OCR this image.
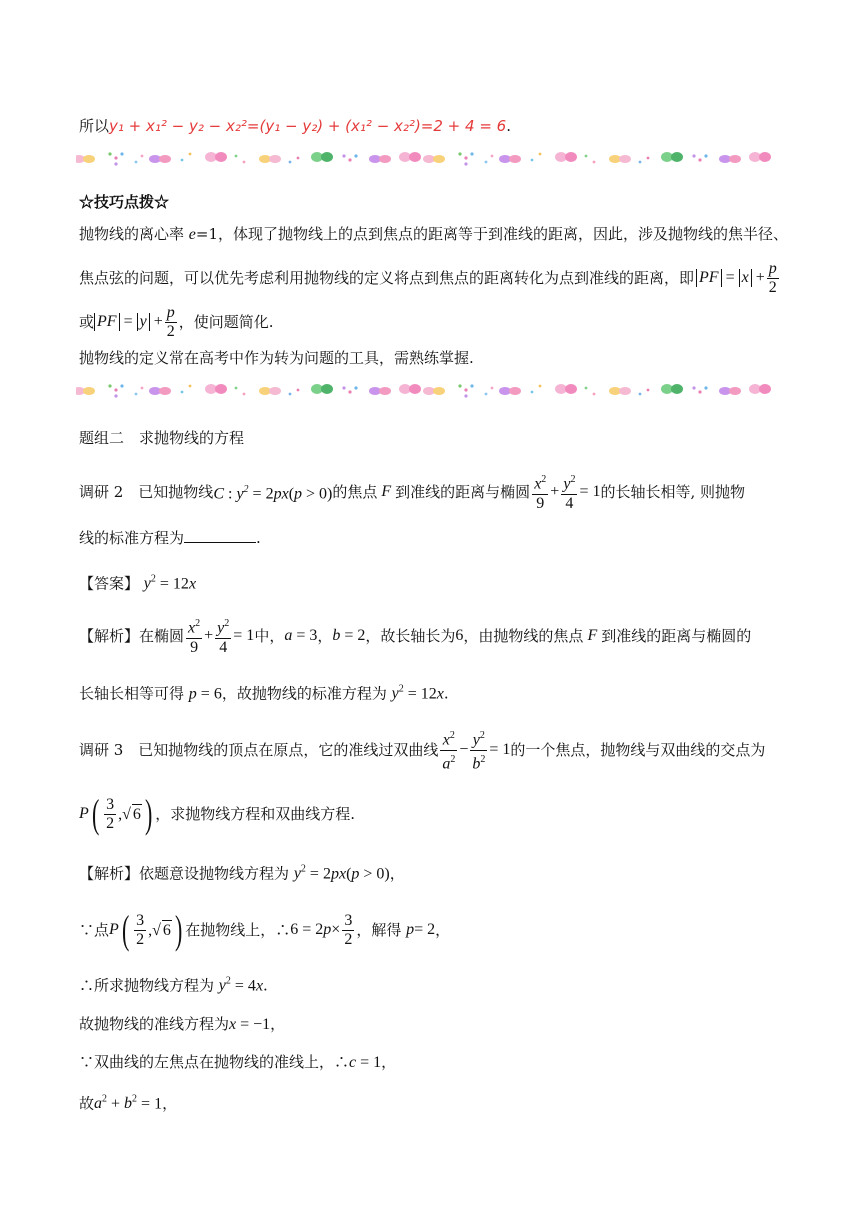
所以y₁ + x₁² − y₂ − x₂²=(y₁ − y₂) + (x₁² − x₂²)=2 + 4 = 6.
☆技巧点拨☆
抛物线的离心率 e=1，体现了抛物线上的点到焦点的距离等于到准线的距离，因此，涉及抛物线的焦半径、
焦点弦的问题，可以优先考虑利用抛物线的定义将点到焦点的距离转化为点到准线的距离，即 PF = $x + \frac{p}{2}$
或 PF = $y + \frac{p}{2}$ ，使问题简化.
抛物线的定义常在高考中作为转为问题的工具，需熟练掌握.
题组二　求抛物线的方程
调研 2　已知抛物线 C : $y^2 = 2px(p > 0)$ 的焦点 F 到准线的距离与椭圆 $\frac{x^2}{9} + \frac{y^2}{4} = 1$ 的长轴长相等, 则抛物
线的标准方程为	.
【答案】 $y^2 = 12x$
【解析】 在椭圆 $\frac{x^2}{9} + \frac{y^2}{4} = 1$ 中， a = 3 ， b = 2 ，故长轴长为 6 ，由抛物线的焦点 F 到准线的距离与椭圆的
长轴长相等可得 p = 6，故抛物线的标准方程为 $y^2 = 12x$.
调研 3　已知抛物线的顶点在原点，它的准线过双曲线 $\frac{x^2}{a^2} - \frac{y^2}{b^2} = 1$ 的一个焦点，抛物线与双曲线的交点为
P ( $\frac{3}{2}$ ,√ 6 ) ，求抛物线方程和双曲线方程.
【解析】依题意设抛物线方程为 $y^2 = 2px(p > 0)$，
∵点 P ( $\frac{3}{2}$ ,√ 6 ) 在抛物线上，∴ 6 = 2 $p \times \frac{3}{2}$ ，解得
p = 2 ，
∴所求抛物线方程为 $y^2 = 4x$.
故抛物线的准线方程为x = −1，
∵双曲线的左焦点在抛物线的准线上，∴c = 1，
故$a^2 + b^2 = 1$，
